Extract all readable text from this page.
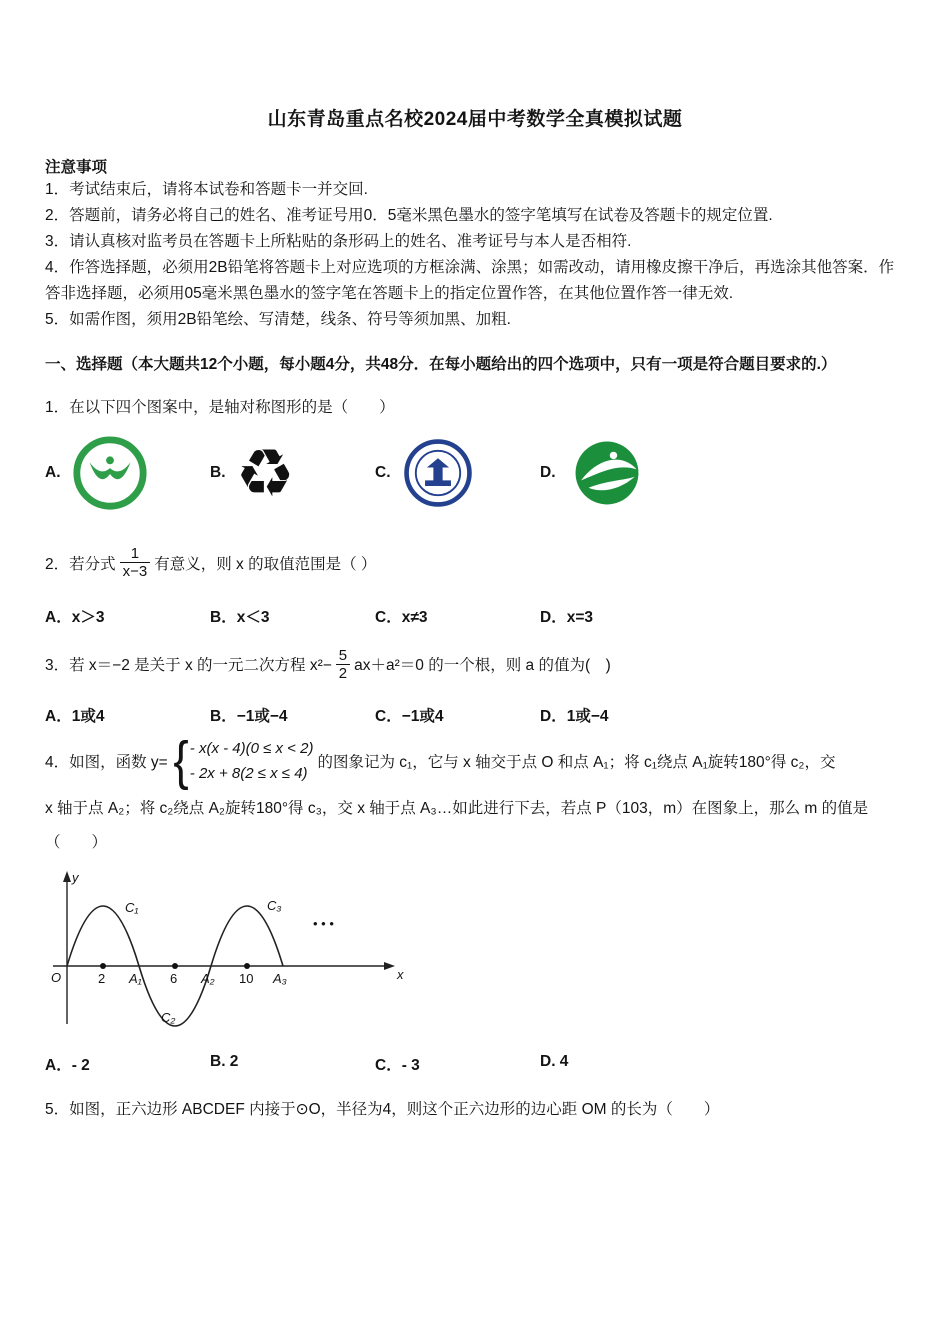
山东青岛重点名校2024届中考数学全真模拟试题
注意事项

1．考试结束后，请将本试卷和答题卡一并交回.

2．答题前，请务必将自己的姓名、准考证号用0．5毫米黑色墨水的签字笔填写在试卷及答题卡的规定位置.

3．请认真核对监考员在答题卡上所粘贴的条形码上的姓名、准考证号与本人是否相符.

4．作答选择题，必须用2B铅笔将答题卡上对应选项的方框涂满、涂黑；如需改动，请用橡皮擦干净后，再选涂其他答案．作答非选择题，必须用05毫米黑色墨水的签字笔在答题卡上的指定位置作答，在其他位置作答一律无效.

5．如需作图，须用2B铅笔绘、写清楚，线条、符号等须加黑、加粗.

一、选择题（本大题共12个小题，每小题4分，共48分．在每小题给出的四个选项中，只有一项是符合题目要求的.）
1．在以下四个图案中，是轴对称图形的是（　　）
A.	B. ♻	C.	D.
2．若分式 $\frac{1}{x-3}$ 有意义，则 x 的取值范围是（ ）
A．x＞3	B．x＜3	C．x≠3	D．x=3
3．若 x＝−2 是关于 x 的一元二次方程 $x^2- \frac{5}{2} ax+a^2=0$ 的一个根，则 a 的值为(　)
A．1或4	B．−1或−4	C．−1或4	D．1或−4
4．如图，函数 y= { - x(x - 4)(0 ≤ x < 2)
- 2x + 8(2 ≤ x ≤ 4)
的图象记为 c₁，它与 x 轴交于点 O 和点 A₁；将 c₁绕点 A₁旋转180°得 c₂，交
x 轴于点 A₂；将 c₂绕点 A₂旋转180°得 c₃，交 x 轴于点 A₃…如此进行下去，若点 P（103，m）在图象上，那么 m 的值是（　　）
y
O	x
2 A₁ 6 A₂ 10 A₃
C₁
C₂
C₃
• • •
A．- 2	B. 2	C．- 3	D. 4
5．如图，正六边形 ABCDEF 内接于⊙O，半径为4，则这个正六边形的边心距 OM 的长为（　　）
